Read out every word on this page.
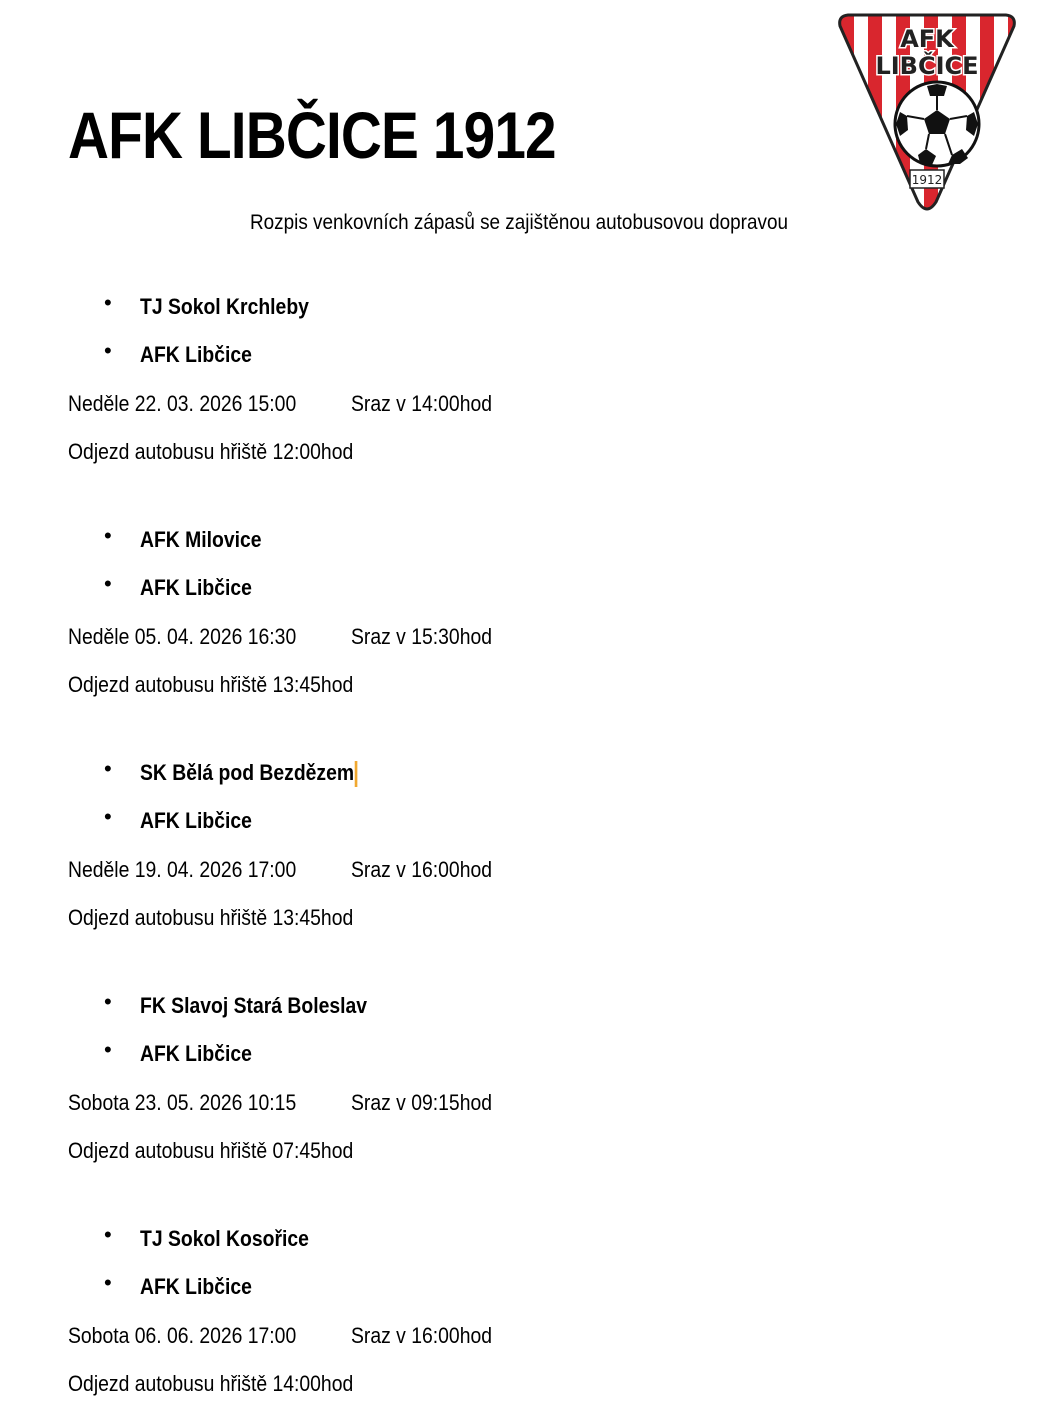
AFK LIBČICE 1912
Rozpis venkovních zápasů se zajištěnou autobusovou dopravou
AFK
LIBČICE
1912
• TJ Sokol Krchleby
• AFK Libčice
Neděle 22. 03. 2026 15:00 Sraz v 14:00hod
Odjezd autobusu hřiště 12:00hod
• AFK Milovice
• AFK Libčice
Neděle 05. 04. 2026 16:30 Sraz v 15:30hod
Odjezd autobusu hřiště 13:45hod
• SK Bělá pod Bezdězem
• AFK Libčice
Neděle 19. 04. 2026 17:00 Sraz v 16:00hod
Odjezd autobusu hřiště 13:45hod
• FK Slavoj Stará Boleslav
• AFK Libčice
Sobota 23. 05. 2026 10:15 Sraz v 09:15hod
Odjezd autobusu hřiště 07:45hod
• TJ Sokol Kosořice
• AFK Libčice
Sobota 06. 06. 2026 17:00 Sraz v 16:00hod
Odjezd autobusu hřiště 14:00hod
